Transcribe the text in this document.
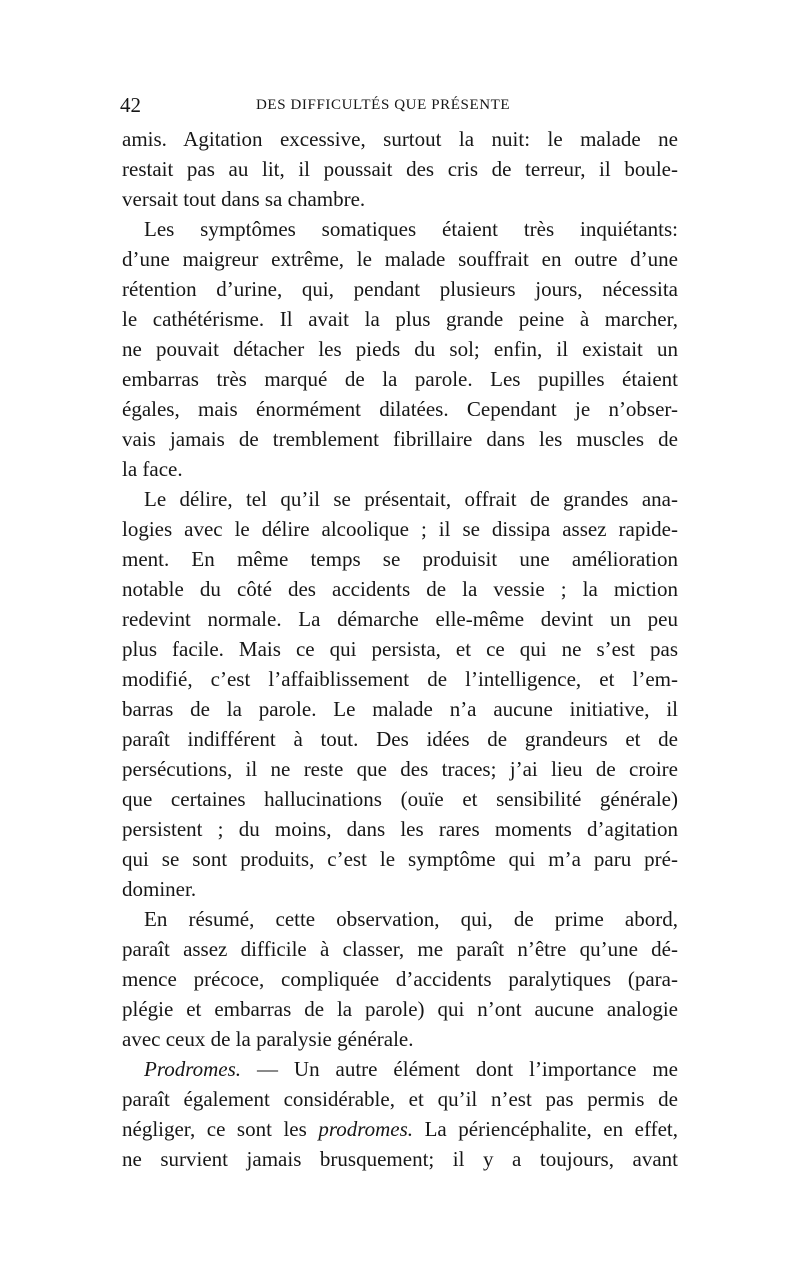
42	DES DIFFICULTÉS QUE PRÉSENTE
amis. Agitation excessive, surtout la nuit: le malade ne
restait pas au lit, il poussait des cris de terreur, il boule-
versait tout dans sa chambre.
Les symptômes somatiques étaient très inquiétants:
d’une maigreur extrême, le malade souffrait en outre d’une
rétention d’urine, qui, pendant plusieurs jours, nécessita
le cathétérisme. Il avait la plus grande peine à marcher,
ne pouvait détacher les pieds du sol; enfin, il existait un
embarras très marqué de la parole. Les pupilles étaient
égales, mais énormément dilatées. Cependant je n’obser-
vais jamais de tremblement fibrillaire dans les muscles de
la face.
Le délire, tel qu’il se présentait, offrait de grandes ana-
logies avec le délire alcoolique ; il se dissipa assez rapide-
ment. En même temps se produisit une amélioration
notable du côté des accidents de la vessie ; la miction
redevint normale. La démarche elle-même devint un peu
plus facile. Mais ce qui persista, et ce qui ne s’est pas
modifié, c’est l’affaiblissement de l’intelligence, et l’em-
barras de la parole. Le malade n’a aucune initiative, il
paraît indifférent à tout. Des idées de grandeurs et de
persécutions, il ne reste que des traces; j’ai lieu de croire
que certaines hallucinations (ouïe et sensibilité générale)
persistent ; du moins, dans les rares moments d’agitation
qui se sont produits, c’est le symptôme qui m’a paru pré-
dominer.
En résumé, cette observation, qui, de prime abord,
paraît assez difficile à classer, me paraît n’être qu’une dé-
mence précoce, compliquée d’accidents paralytiques (para-
plégie et embarras de la parole) qui n’ont aucune analogie
avec ceux de la paralysie générale.
Prodromes. — Un autre élément dont l’importance me
paraît également considérable, et qu’il n’est pas permis de
négliger, ce sont les prodromes. La périencéphalite, en effet,
ne survient jamais brusquement; il y a toujours, avant
